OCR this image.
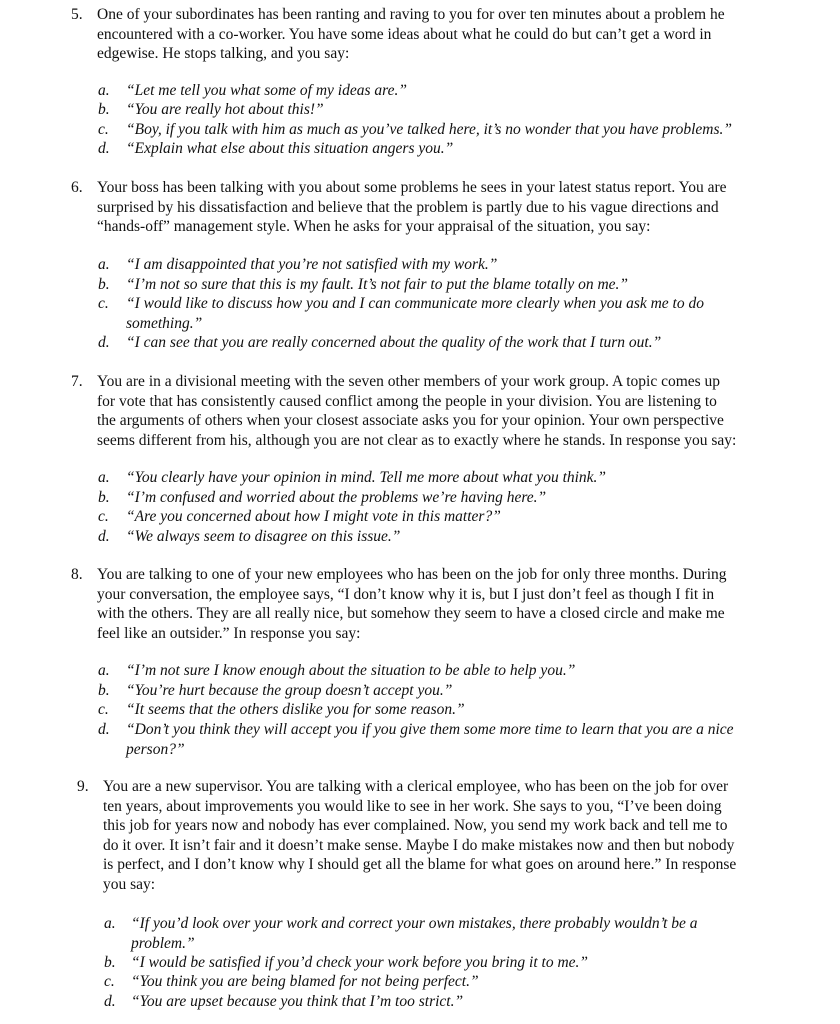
5. One of your subordinates has been ranting and raving to you for over ten minutes about a problem he
encountered with a co-worker. You have some ideas about what he could do but can’t get a word in
edgewise. He stops talking, and you say:
a. “Let me tell you what some of my ideas are.”
b. “You are really hot about this!”
c. “Boy, if you talk with him as much as you’ve talked here, it’s no wonder that you have problems.”
d. “Explain what else about this situation angers you.”
6. Your boss has been talking with you about some problems he sees in your latest status report. You are
surprised by his dissatisfaction and believe that the problem is partly due to his vague directions and
“hands-off” management style. When he asks for your appraisal of the situation, you say:
a. “I am disappointed that you’re not satisfied with my work.”
b. “I’m not so sure that this is my fault. It’s not fair to put the blame totally on me.”
c. “I would like to discuss how you and I can communicate more clearly when you ask me to do
something.”
d. “I can see that you are really concerned about the quality of the work that I turn out.”
7. You are in a divisional meeting with the seven other members of your work group. A topic comes up
for vote that has consistently caused conflict among the people in your division. You are listening to
the arguments of others when your closest associate asks you for your opinion. Your own perspective
seems different from his, although you are not clear as to exactly where he stands. In response you say:
a. “You clearly have your opinion in mind. Tell me more about what you think.”
b. “I’m confused and worried about the problems we’re having here.”
c. “Are you concerned about how I might vote in this matter?”
d. “We always seem to disagree on this issue.”
8. You are talking to one of your new employees who has been on the job for only three months. During
your conversation, the employee says, “I don’t know why it is, but I just don’t feel as though I fit in
with the others. They are all really nice, but somehow they seem to have a closed circle and make me
feel like an outsider.” In response you say:
a. “I’m not sure I know enough about the situation to be able to help you.”
b. “You’re hurt because the group doesn’t accept you.”
c. “It seems that the others dislike you for some reason.”
d. “Don’t you think they will accept you if you give them some more time to learn that you are a nice
person?”
9. You are a new supervisor. You are talking with a clerical employee, who has been on the job for over
ten years, about improvements you would like to see in her work. She says to you, “I’ve been doing
this job for years now and nobody has ever complained. Now, you send my work back and tell me to
do it over. It isn’t fair and it doesn’t make sense. Maybe I do make mistakes now and then but nobody
is perfect, and I don’t know why I should get all the blame for what goes on around here.” In response
you say:
a. “If you’d look over your work and correct your own mistakes, there probably wouldn’t be a
problem.”
b. “I would be satisfied if you’d check your work before you bring it to me.”
c. “You think you are being blamed for not being perfect.”
d. “You are upset because you think that I’m too strict.”
